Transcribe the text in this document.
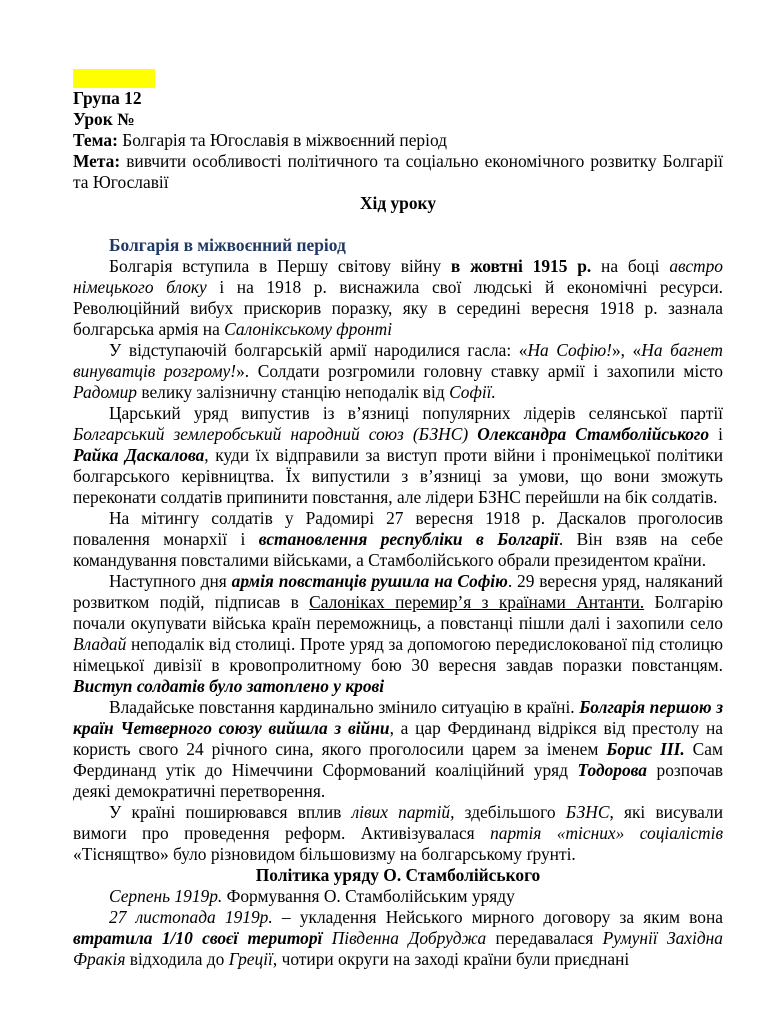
Група 12

Урок №

Тема: Болгарія та Югославія в міжвоєнний період

Мета: вивчити особливості політичного та соціально економічного розвитку Болгарії та Югославії

Хід уроку

Болгарія в міжвоєнний період

Болгарія вступила в Першу світову війну в жовтні 1915 р. на боці австро німецького блоку і на 1918 р. виснажила свої людські й економічні ресурси. Революційний вибух прискорив поразку, яку в середині вересня 1918 р. зазнала болгарська армія на Салонікському фронті

У відступаючій болгарській армії народилися гасла: «На Софію!», «На багнет винуватців розгрому!». Солдати розгромили головну ставку армії і захопили місто Радомир велику залізничну станцію неподалік від Софії.

Царський уряд випустив із в’язниці популярних лідерів селянської партії Болгарський землеробський народний союз (БЗНС) Олександра Стамболійського і Райка Даскалова, куди їх відправили за виступ проти війни і пронімецької політики болгарського керівництва. Їх випустили з в’язниці за умови, що вони зможуть переконати солдатів припинити повстання, але лідери БЗНС перейшли на бік солдатів.

На мітингу солдатів у Радомирі 27 вересня 1918 р. Даскалов проголосив повалення монархії і встановлення республіки в Болгарії. Він взяв на себе командування повсталими військами, а Стамболійського обрали президентом країни.

Наступного дня армія повстанців рушила на Софію. 29 вересня уряд, наляканий розвитком подій, підписав в Салоніках перемир’я з країнами Антанти. Болгарію почали окупувати війська країн переможниць, а повстанці пішли далі і захопили село Владай неподалік від столиці. Проте уряд за допомогою передислокованої під столицю німецької дивізії в кровопролитному бою 30 вересня завдав поразки повстанцям. Виступ солдатів було затоплено у крові

Владайське повстання кардинально змінило ситуацію в країні. Болгарія першою з країн Четверного союзу вийшла з війни, а цар Фердинанд відрікся від престолу на користь свого 24 річного сина, якого проголосили царем за іменем Борис ІІІ. Сам Фердинанд утік до Німеччини Сформований коаліційний уряд Тодорова розпочав деякі демократичні перетворення.

У країні поширювався вплив лівих партій, здебільшого БЗНС, які висували вимоги про проведення реформ. Активізувалася партія «тісних» соціалістів «Тіснящтво» було різновидом більшовизму на болгарському ґрунті.

Політика уряду О. Стамболійського

Серпень 1919р. Формування О. Стамболійським уряду

27 листопада 1919р. – укладення Нейського мирного договору за яким вона втратила 1/10 своєї територї Південна Добруджа передавалася Румунії Західна Фракія відходила до Греції, чотири округи на заході країни були приєднані
